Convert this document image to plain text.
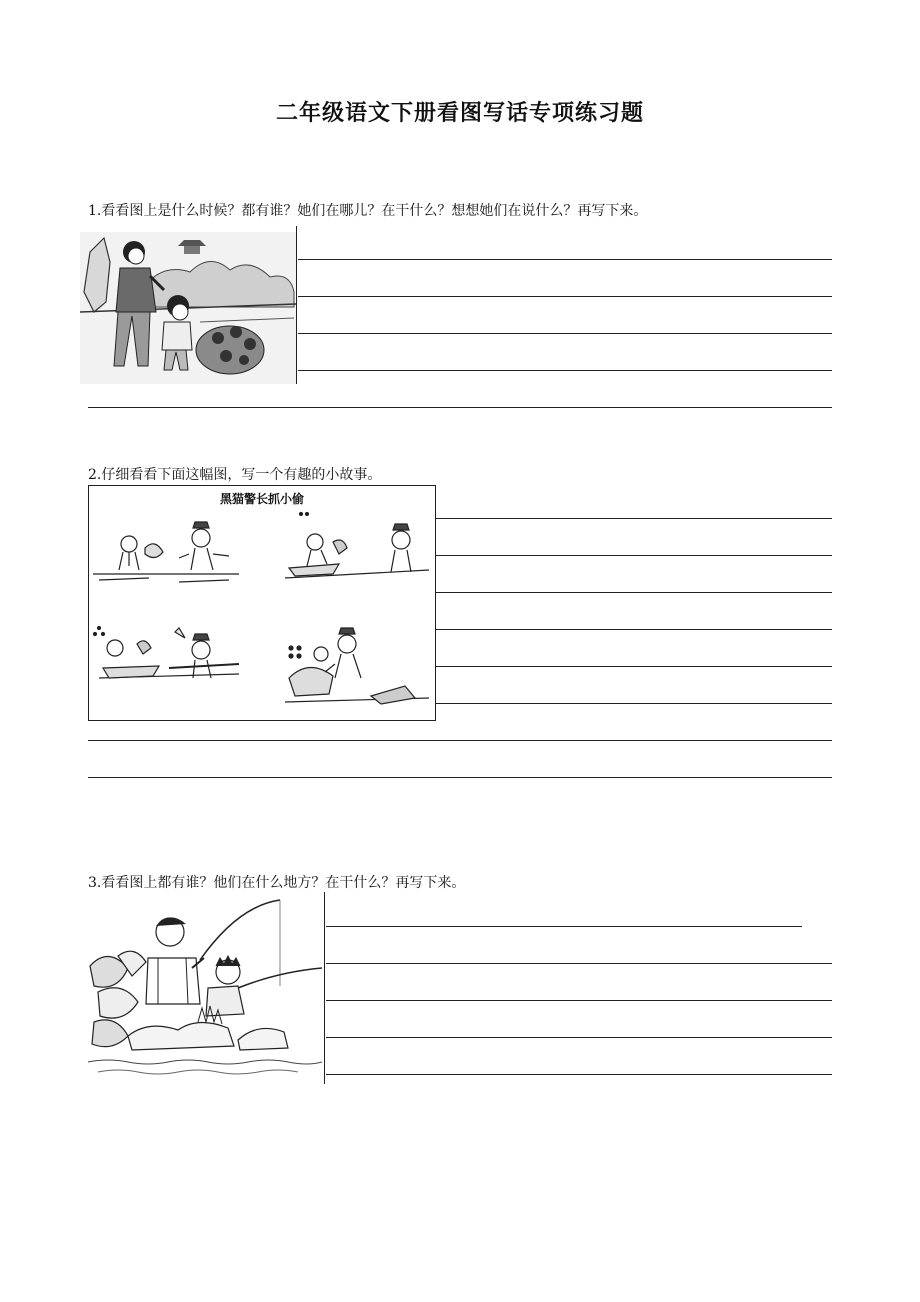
二年级语文下册看图写话专项练习题
1.看看图上是什么时候？都有谁？她们在哪儿？在干什么？想想她们在说什么？再写下来。
2.仔细看看下面这幅图，写一个有趣的小故事。
黑猫警长抓小偷
3.看看图上都有谁？他们在什么地方？在干什么？再写下来。
